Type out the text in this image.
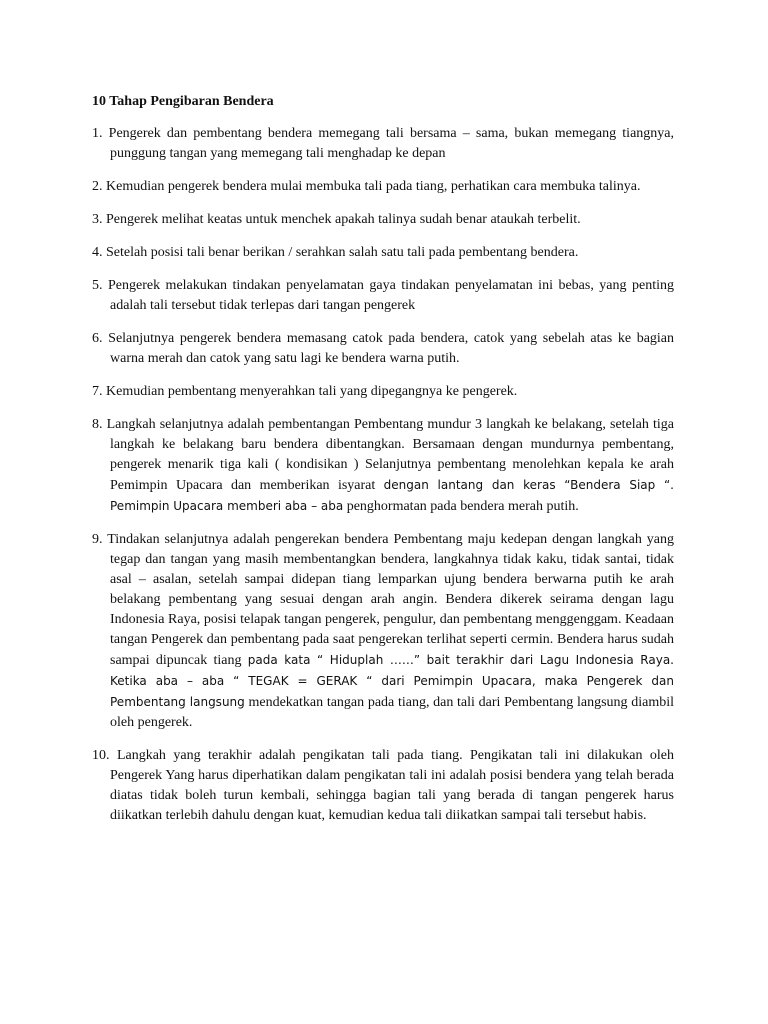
10 Tahap Pengibaran Bendera
1. Pengerek dan pembentang bendera memegang tali bersama – sama, bukan memegang tiangnya, punggung tangan yang memegang tali menghadap ke depan
2. Kemudian pengerek bendera mulai membuka tali pada tiang, perhatikan cara membuka talinya.
3. Pengerek melihat keatas untuk menchek apakah talinya sudah benar ataukah terbelit.
4. Setelah posisi tali benar berikan / serahkan salah satu tali pada pembentang bendera.
5. Pengerek melakukan tindakan penyelamatan gaya tindakan penyelamatan ini bebas, yang penting adalah tali tersebut tidak terlepas dari tangan pengerek
6. Selanjutnya pengerek bendera memasang catok pada bendera, catok yang sebelah atas ke bagian warna merah dan catok yang satu lagi ke bendera warna putih.
7. Kemudian pembentang menyerahkan tali yang dipegangnya ke pengerek.
8. Langkah selanjutnya adalah pembentangan Pembentang mundur 3 langkah ke belakang, setelah tiga langkah ke belakang baru bendera dibentangkan. Bersamaan dengan mundurnya pembentang, pengerek menarik tiga kali ( kondisikan ) Selanjutnya pembentang menolehkan kepala ke arah Pemimpin Upacara dan memberikan isyarat dengan lantang dan keras “Bendera Siap “. Pemimpin Upacara memberi aba – aba penghormatan pada bendera merah putih.
9. Tindakan selanjutnya adalah pengerekan bendera Pembentang maju kedepan dengan langkah yang tegap dan tangan yang masih membentangkan bendera, langkahnya tidak kaku, tidak santai, tidak asal – asalan, setelah sampai didepan tiang lemparkan ujung bendera berwarna putih ke arah belakang pembentang yang sesuai dengan arah angin. Bendera dikerek seirama dengan lagu Indonesia Raya, posisi telapak tangan pengerek, pengulur, dan pembentang menggenggam. Keadaan tangan Pengerek dan pembentang pada saat pengerekan terlihat seperti cermin. Bendera harus sudah sampai dipuncak tiang pada kata “ Hiduplah ……” bait terakhir dari Lagu Indonesia Raya. Ketika aba – aba “ TEGAK = GERAK “ dari Pemimpin Upacara, maka Pengerek dan Pembentang langsung mendekatkan tangan pada tiang, dan tali dari Pembentang langsung diambil oleh pengerek.
10. Langkah yang terakhir adalah pengikatan tali pada tiang. Pengikatan tali ini dilakukan oleh Pengerek Yang harus diperhatikan dalam pengikatan tali ini adalah posisi bendera yang telah berada diatas tidak boleh turun kembali, sehingga bagian tali yang berada di tangan pengerek harus diikatkan terlebih dahulu dengan kuat, kemudian kedua tali diikatkan sampai tali tersebut habis.
